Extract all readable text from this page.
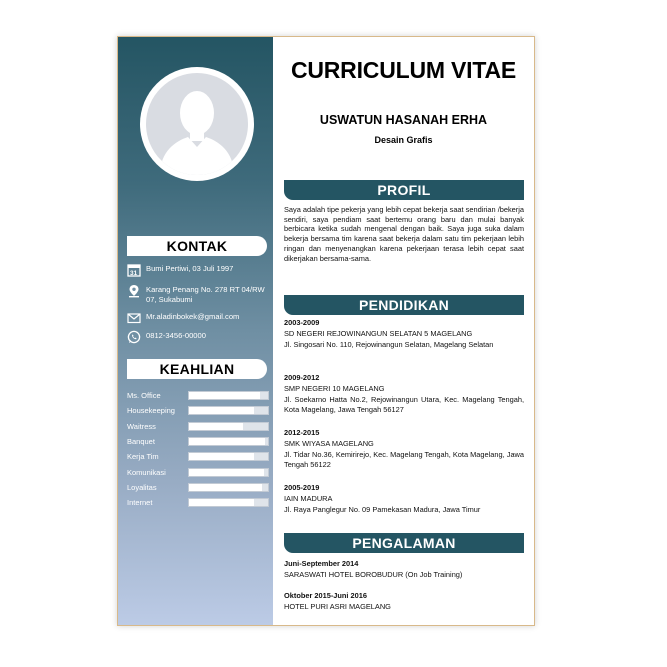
KONTAK
31
Bumi Pertiwi, 03 Juli 1997
Karang Penang No. 278 RT 04/RW 07, Sukabumi
Mr.aladinbokek@gmail.com
0812-3456-00000
KEAHLIAN
Ms. Office
Housekeeping
Waitress
Banquet
Kerja Tim
Komunikasi
Loyalitas
Internet
CURRICULUM VITAE
USWATUN HASANAH ERHA
Desain Grafis
PROFIL
Saya adalah tipe pekerja yang lebih cepat bekerja saat sendirian /bekerja sendiri, saya pendiam saat bertemu orang baru dan mulai banyak berbicara ketika sudah mengenal dengan baik. Saya juga suka dalam bekerja bersama tim karena saat bekerja dalam satu tim pekerjaan lebih ringan dan menyenangkan karena pekerjaan terasa lebih cepat saat dikerjakan bersama-sama.
PENDIDIKAN
2003-2009
SD NEGERI REJOWINANGUN SELATAN 5 MAGELANG
Jl. Singosari No. 110, Rejowinangun Selatan, Magelang Selatan
2009-2012
SMP NEGERI 10 MAGELANG
Jl. Soekarno Hatta No.2, Rejowinangun Utara, Kec. Magelang Tengah, Kota Magelang, Jawa Tengah 56127
2012-2015
SMK WIYASA MAGELANG
Jl. Tidar No.36, Kemirirejo, Kec. Magelang Tengah, Kota Magelang, Jawa Tengah 56122
2005-2019
IAIN MADURA
Jl. Raya Panglegur No. 09 Pamekasan Madura, Jawa Timur
PENGALAMAN
Juni-September 2014
SARASWATI HOTEL BOROBUDUR (On Job Training)
Oktober 2015-Juni 2016
HOTEL PURI ASRI MAGELANG
